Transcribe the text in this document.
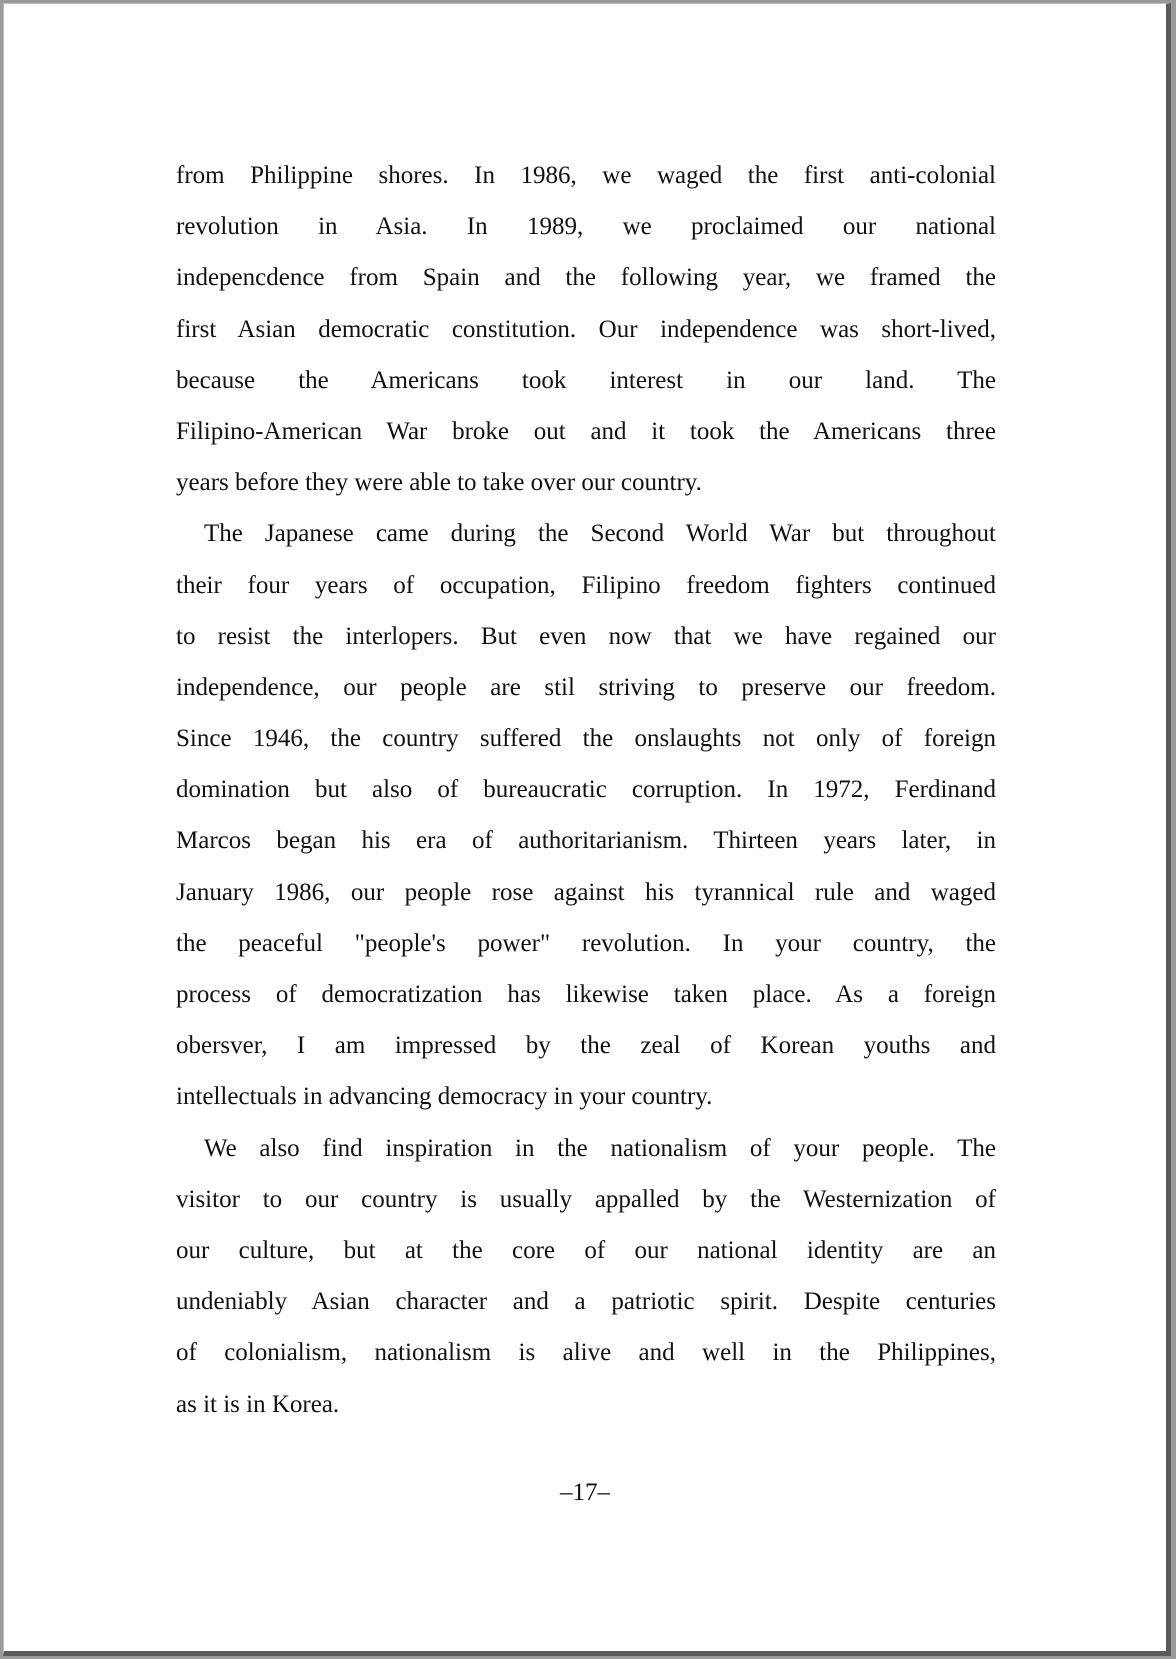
from Philippine shores. In 1986, we waged the first anti-colonial
revolution in Asia. In 1989, we proclaimed our national
indepencdence from Spain and the following year, we framed the
first Asian democratic constitution. Our independence was short-lived,
because the Americans took interest in our land. The
Filipino-American War broke out and it took the Americans three
years before they were able to take over our country.
The Japanese came during the Second World War but throughout
their four years of occupation, Filipino freedom fighters continued
to resist the interlopers. But even now that we have regained our
independence, our people are stil striving to preserve our freedom.
Since 1946, the country suffered the onslaughts not only of foreign
domination but also of bureaucratic corruption. In 1972, Ferdinand
Marcos began his era of authoritarianism. Thirteen years later, in
January 1986, our people rose against his tyrannical rule and waged
the peaceful "people's power" revolution. In your country, the
process of democratization has likewise taken place. As a foreign
obersver, I am impressed by the zeal of Korean youths and
intellectuals in advancing democracy in your country.
We also find inspiration in the nationalism of your people. The
visitor to our country is usually appalled by the Westernization of
our culture, but at the core of our national identity are an
undeniably Asian character and a patriotic spirit. Despite centuries
of colonialism, nationalism is alive and well in the Philippines,
as it is in Korea.
–17–
